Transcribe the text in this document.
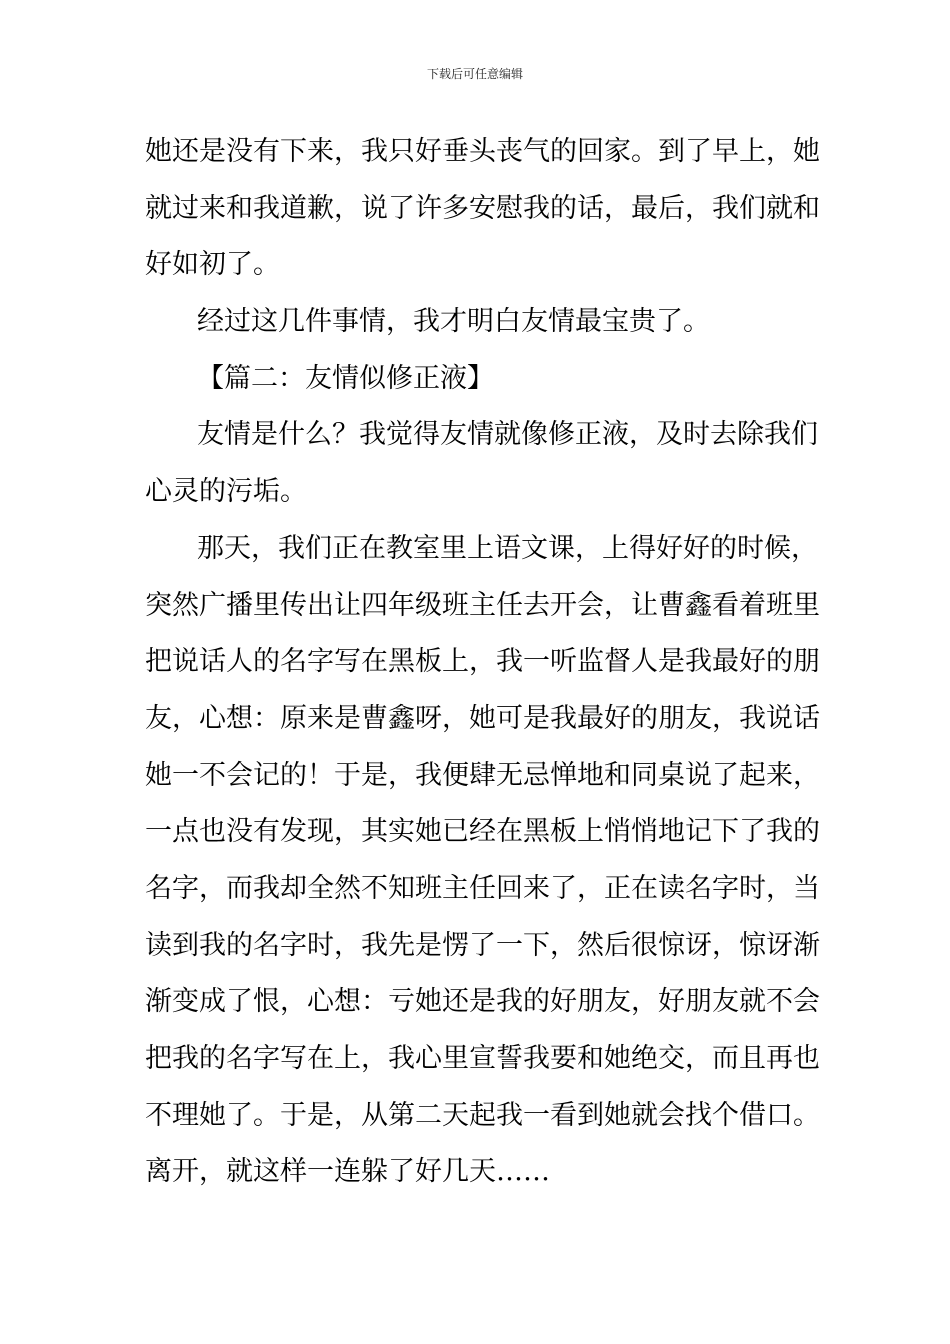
下载后可任意编辑
她还是没有下来，我只好垂头丧气的回家。到了早上，她
就过来和我道歉，说了许多安慰我的话，最后，我们就和
好如初了。
经过这几件事情，我才明白友情最宝贵了。
【篇二：友情似修正液】
友情是什么？我觉得友情就像修正液，及时去除我们
心灵的污垢。
那天，我们正在教室里上语文课，上得好好的时候，
突然广播里传出让四年级班主任去开会，让曹鑫看着班里
把说话人的名字写在黑板上，我一听监督人是我最好的朋
友，心想：原来是曹鑫呀，她可是我最好的朋友，我说话
她一不会记的！于是，我便肆无忌惮地和同桌说了起来，
一点也没有发现，其实她已经在黑板上悄悄地记下了我的
名字，而我却全然不知班主任回来了，正在读名字时，当
读到我的名字时，我先是愣了一下，然后很惊讶，惊讶渐
渐变成了恨，心想：亏她还是我的好朋友，好朋友就不会
把我的名字写在上，我心里宣誓我要和她绝交，而且再也
不理她了。于是，从第二天起我一看到她就会找个借口。
离开，就这样一连躲了好几天……
